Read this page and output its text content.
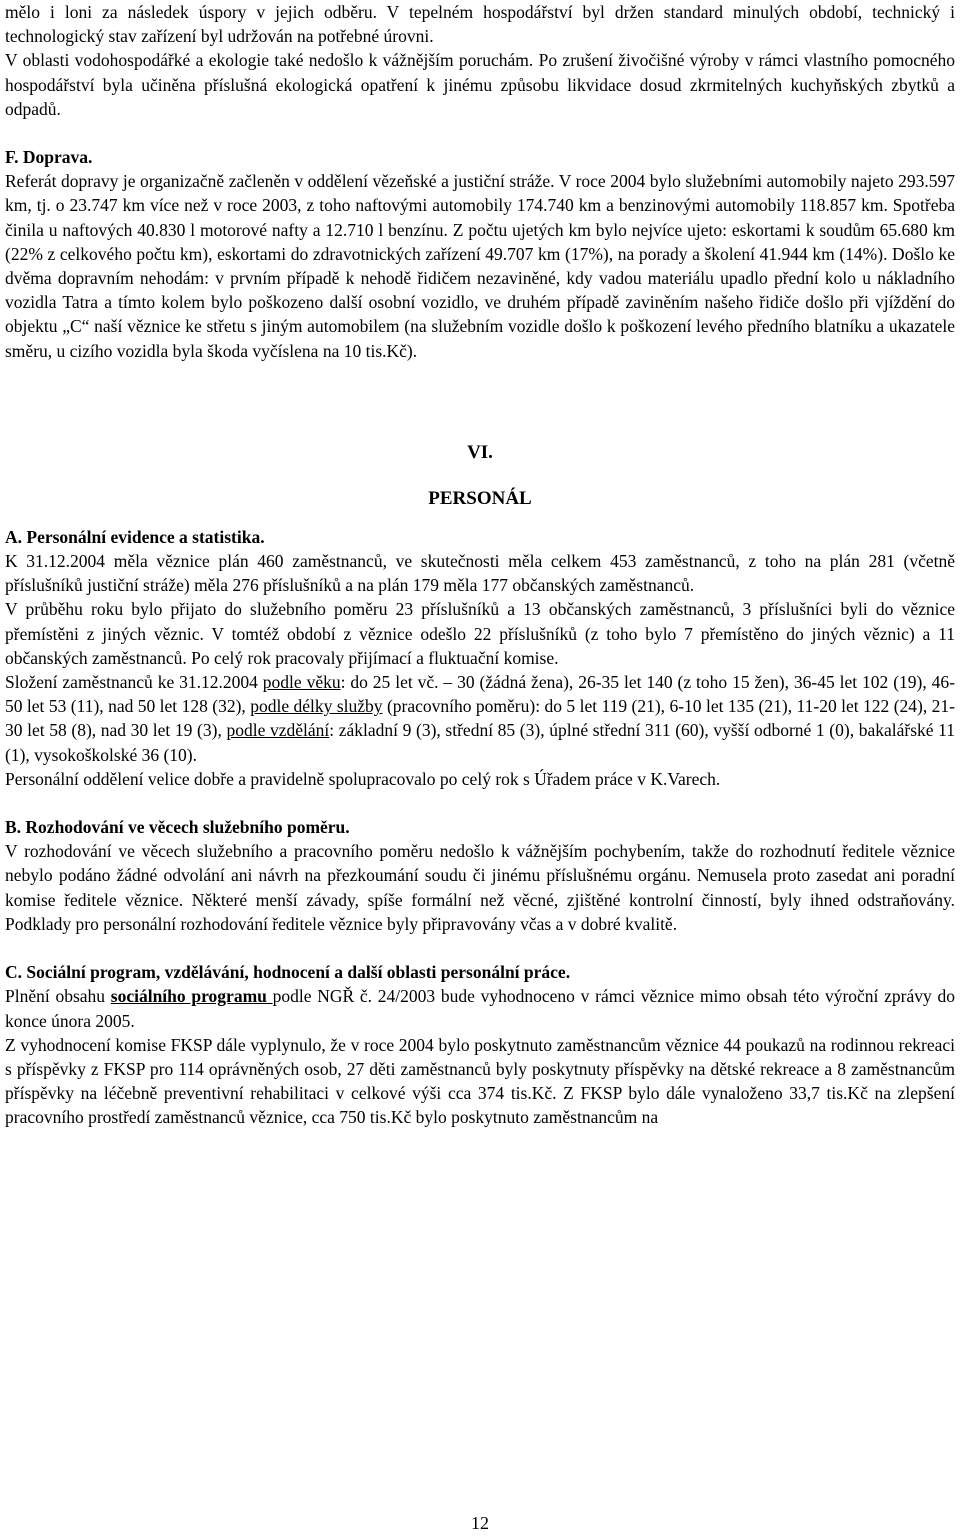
mělo i loni za následek úspory v jejich odběru. V tepelném hospodářství byl držen standard minulých období, technický i technologický stav zařízení byl udržován na potřebné úrovni.

V oblasti vodohospodářké a ekologie také nedošlo k vážnějším poruchám. Po zrušení živočišné výroby v rámci vlastního pomocného hospodářství byla učiněna příslušná ekologická opatření k jinému způsobu likvidace dosud zkrmitelných kuchyňských zbytků a odpadů.

F. Doprava.

Referát dopravy je organizačně začleněn v oddělení vězeňské a justiční stráže. V roce 2004 bylo služebními automobily najeto 293.597 km, tj. o 23.747 km více než v roce 2003, z toho naftovými automobily 174.740 km a benzinovými automobily 118.857 km. Spotřeba činila u naftových 40.830 l motorové nafty a 12.710 l benzínu. Z počtu ujetých km bylo nejvíce ujeto: eskortami k soudům 65.680 km (22% z celkového počtu km), eskortami do zdravotnických zařízení 49.707 km (17%), na porady a školení 41.944 km (14%). Došlo ke dvěma dopravním nehodám: v prvním případě k nehodě řidičem nezaviněné, kdy vadou materiálu upadlo přední kolo u nákladního vozidla Tatra a tímto kolem bylo poškozeno další osobní vozidlo, ve druhém případě zaviněním našeho řidiče došlo při vjíždění do objektu „C“ naší věznice ke střetu s jiným automobilem (na služebním vozidle došlo k poškození levého předního blatníku a ukazatele směru, u cizího vozidla byla škoda vyčíslena na 10 tis.Kč).

VI.
PERSONÁL

A. Personální evidence a statistika.

K 31.12.2004 měla věznice plán 460 zaměstnanců, ve skutečnosti měla celkem 453 zaměstnanců, z toho na plán 281 (včetně příslušníků justiční stráže) měla 276 příslušníků a na plán 179 měla 177 občanských zaměstnanců.

V průběhu roku bylo přijato do služebního poměru 23 příslušníků a 13 občanských zaměstnanců, 3 příslušníci byli do věznice přemístěni z jiných věznic. V tomtéž období z věznice odešlo 22 příslušníků (z toho bylo 7 přemístěno do jiných věznic) a 11 občanských zaměstnanců. Po celý rok pracovaly přijímací a fluktuační komise.

Složení zaměstnanců ke 31.12.2004 podle věku: do 25 let vč. – 30 (žádná žena), 26-35 let 140 (z toho 15 žen), 36-45 let 102 (19), 46-50 let 53 (11), nad 50 let 128 (32), podle délky služby (pracovního poměru): do 5 let 119 (21), 6-10 let 135 (21), 11-20 let 122 (24), 21-30 let 58 (8), nad 30 let 19 (3), podle vzdělání: základní 9 (3), střední 85 (3), úplné střední 311 (60), vyšší odborné 1 (0), bakalářské 11 (1), vysokoškolské 36 (10).

Personální oddělení velice dobře a pravidelně spolupracovalo po celý rok s Úřadem práce v K.Varech.

B. Rozhodování ve věcech služebního poměru.

V rozhodování ve věcech služebního a pracovního poměru nedošlo k vážnějším pochybením, takže do rozhodnutí ředitele věznice nebylo podáno žádné odvolání ani návrh na přezkoumání soudu či jinému příslušnému orgánu. Nemusela proto zasedat ani poradní komise ředitele věznice. Některé menší závady, spíše formální než věcné, zjištěné kontrolní činností, byly ihned odstraňovány. Podklady pro personální rozhodování ředitele věznice byly připravovány včas a v dobré kvalitě.

C. Sociální program, vzdělávání, hodnocení a další oblasti personální práce.

Plnění obsahu sociálního programu podle NGŘ č. 24/2003 bude vyhodnoceno v rámci věznice mimo obsah této výroční zprávy do konce února 2005.

Z vyhodnocení komise FKSP dále vyplynulo, že v roce 2004 bylo poskytnuto zaměstnancům věznice 44 poukazů na rodinnou rekreaci s příspěvky z FKSP pro 114 oprávněných osob, 27 děti zaměstnanců byly poskytnuty příspěvky na dětské rekreace a 8 zaměstnancům příspěvky na léčebně preventivní rehabilitaci v celkové výši cca 374 tis.Kč. Z FKSP bylo dále vynaloženo 33,7 tis.Kč na zlepšení pracovního prostředí zaměstnanců věznice, cca 750 tis.Kč bylo poskytnuto zaměstnancům na

12
